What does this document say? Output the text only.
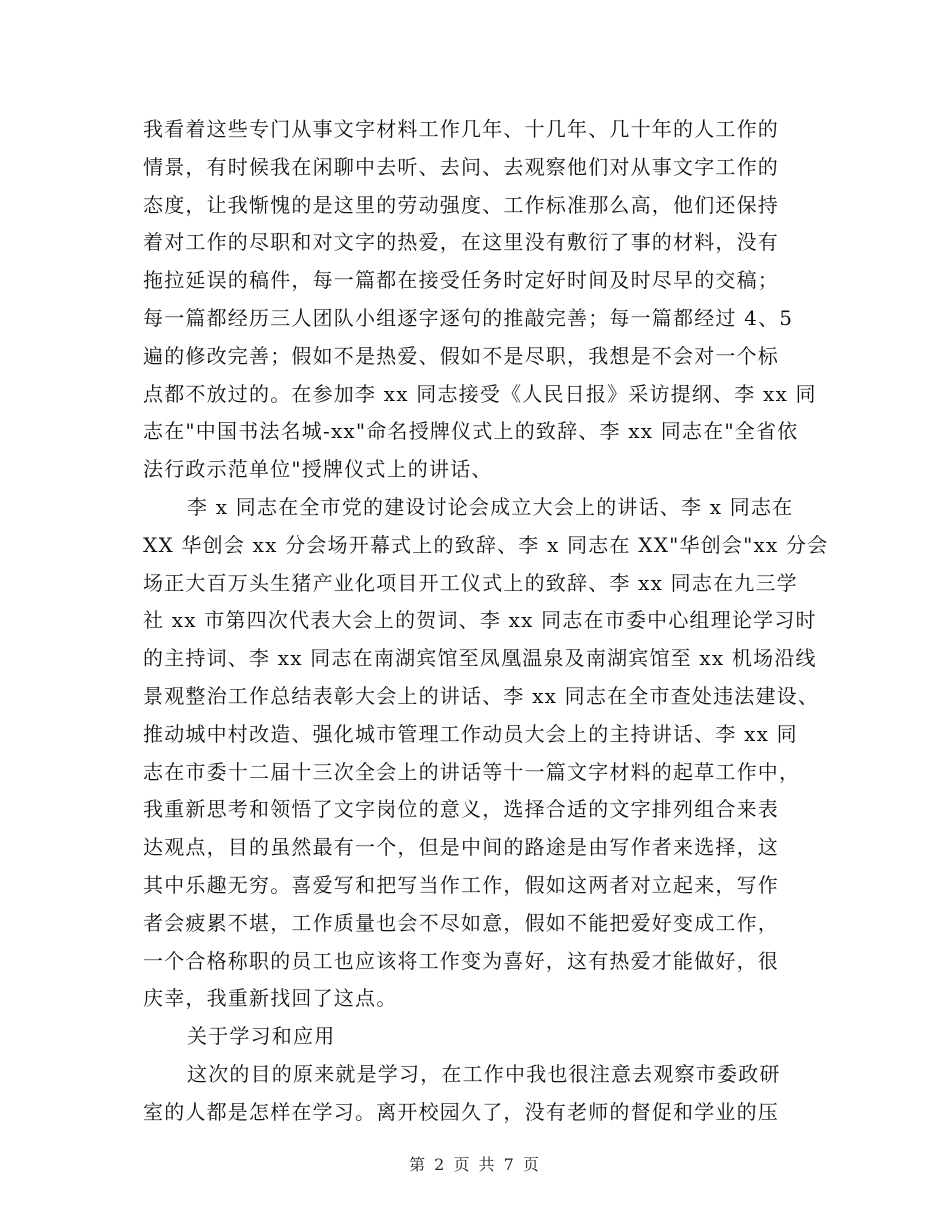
我看着这些专门从事文字材料工作几年、十几年、几十年的人工作的
情景，有时候我在闲聊中去听、去问、去观察他们对从事文字工作的
态度，让我惭愧的是这里的劳动强度、工作标准那么高，他们还保持
着对工作的尽职和对文字的热爱，在这里没有敷衍了事的材料，没有
拖拉延误的稿件，每一篇都在接受任务时定好时间及时尽早的交稿；
每一篇都经历三人团队小组逐字逐句的推敲完善；每一篇都经过 4、5
遍的修改完善；假如不是热爱、假如不是尽职，我想是不会对一个标
点都不放过的。在参加李 xx 同志接受《人民日报》采访提纲、李 xx 同
志在"中国书法名城-xx"命名授牌仪式上的致辞、李 xx 同志在"全省依
法行政示范单位"授牌仪式上的讲话、
李 x 同志在全市党的建设讨论会成立大会上的讲话、李 x 同志在
XX 华创会 xx 分会场开幕式上的致辞、李 x 同志在 XX"华创会"xx 分会
场正大百万头生猪产业化项目开工仪式上的致辞、李 xx 同志在九三学
社 xx 市第四次代表大会上的贺词、李 xx 同志在市委中心组理论学习时
的主持词、李 xx 同志在南湖宾馆至凤凰温泉及南湖宾馆至 xx 机场沿线
景观整治工作总结表彰大会上的讲话、李 xx 同志在全市查处违法建设、
推动城中村改造、强化城市管理工作动员大会上的主持讲话、李 xx 同
志在市委十二届十三次全会上的讲话等十一篇文字材料的起草工作中，
我重新思考和领悟了文字岗位的意义，选择合适的文字排列组合来表
达观点，目的虽然最有一个，但是中间的路途是由写作者来选择，这
其中乐趣无穷。喜爱写和把写当作工作，假如这两者对立起来，写作
者会疲累不堪，工作质量也会不尽如意，假如不能把爱好变成工作，
一个合格称职的员工也应该将工作变为喜好，这有热爱才能做好，很
庆幸，我重新找回了这点。
关于学习和应用
这次的目的原来就是学习，在工作中我也很注意去观察市委政研
室的人都是怎样在学习。离开校园久了，没有老师的督促和学业的压
第 2 页 共 7 页
